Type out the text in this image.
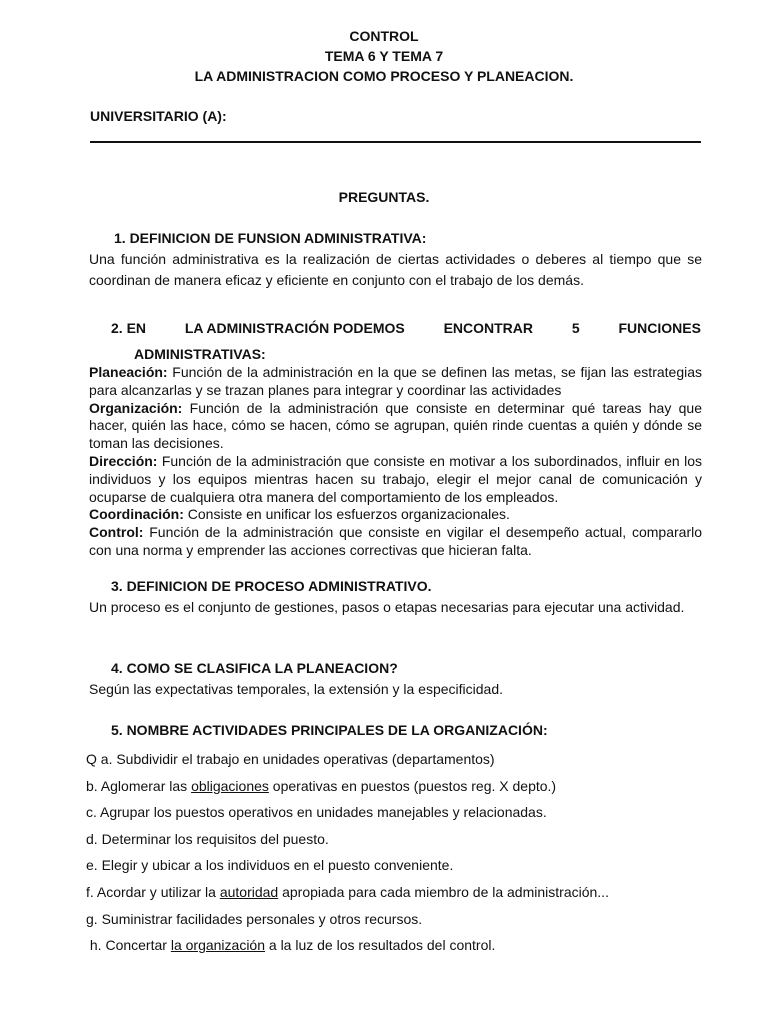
CONTROL
TEMA 6 Y TEMA 7
LA ADMINISTRACION COMO PROCESO Y PLANEACION.
UNIVERSITARIO (A):
PREGUNTAS.
1. DEFINICION DE FUNSION ADMINISTRATIVA:
Una función administrativa es la realización de ciertas actividades o deberes al tiempo que se coordinan de manera eficaz y eficiente en conjunto con el trabajo de los demás.
2. EN	LA ADMINISTRACIÓN PODEMOS	ENCONTRAR	5	FUNCIONES
ADMINISTRATIVAS:
Planeación: Función de la administración en la que se definen las metas, se fijan las estrategias para alcanzarlas y se trazan planes para integrar y coordinar las actividades
Organización: Función de la administración que consiste en determinar qué tareas hay que hacer, quién las hace, cómo se hacen, cómo se agrupan, quién rinde cuentas a quién y dónde se toman las decisiones.
Dirección: Función de la administración que consiste en motivar a los subordinados, influir en los individuos y los equipos mientras hacen su trabajo, elegir el mejor canal de comunicación y ocuparse de cualquiera otra manera del comportamiento de los empleados.
Coordinación: Consiste en unificar los esfuerzos organizacionales.
Control: Función de la administración que consiste en vigilar el desempeño actual, compararlo con una norma y emprender las acciones correctivas que hicieran falta.
3. DEFINICION DE PROCESO ADMINISTRATIVO.
Un proceso es el conjunto de gestiones, pasos o etapas necesarias para ejecutar una actividad.
4. COMO SE CLASIFICA LA PLANEACION?
Según las expectativas temporales, la extensión y la especificidad.
5. NOMBRE ACTIVIDADES PRINCIPALES DE LA ORGANIZACIÓN:
Q a. Subdividir el trabajo en unidades operativas (departamentos)
b. Aglomerar las obligaciones operativas en puestos (puestos reg. X depto.)
c. Agrupar los puestos operativos en unidades manejables y relacionadas.
d. Determinar los requisitos del puesto.
e. Elegir y ubicar a los individuos en el puesto conveniente.
f. Acordar y utilizar la autoridad apropiada para cada miembro de la administración...
g. Suministrar facilidades personales y otros recursos.
h. Concertar la organización a la luz de los resultados del control.
